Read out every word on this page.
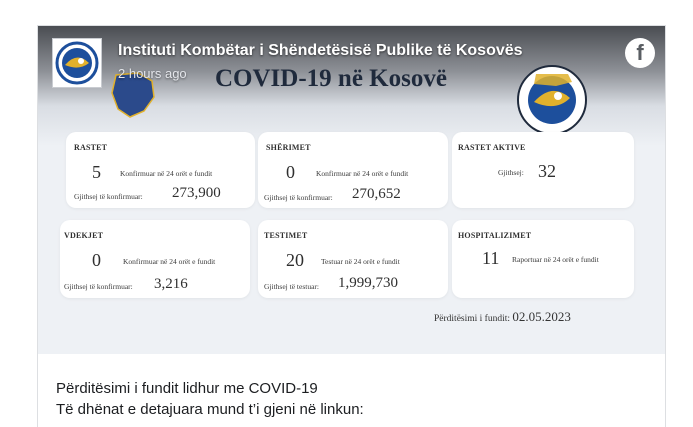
Instituti Kombëtar i Shëndetësisë Publike të Kosovës
2 hours ago
f
COVID-19 në Kosovë
RASTET
5	Konfirmuar në 24 orët e fundit
Gjithsej të konfirmuar: 273,900
SHËRIMET
0	Konfirmuar në 24 orët e fundit
Gjithsej të konfirmuar: 270,652
RASTET AKTIVE
Gjithsej: 32
VDEKJET
0	Konfirmuar në 24 orët e fundit
Gjithsej të konfirmuar: 3,216
TESTIMET
20 Testuar në 24 orët e fundit
Gjithsej të testuar: 1,999,730
HOSPITALIZIMET
11 Raportuar në 24 orët e fundit
Përditësimi i fundit: 02.05.2023
Përditësimi i fundit lidhur me COVID-19
Të dhënat e detajuara mund t’i gjeni në linkun:
